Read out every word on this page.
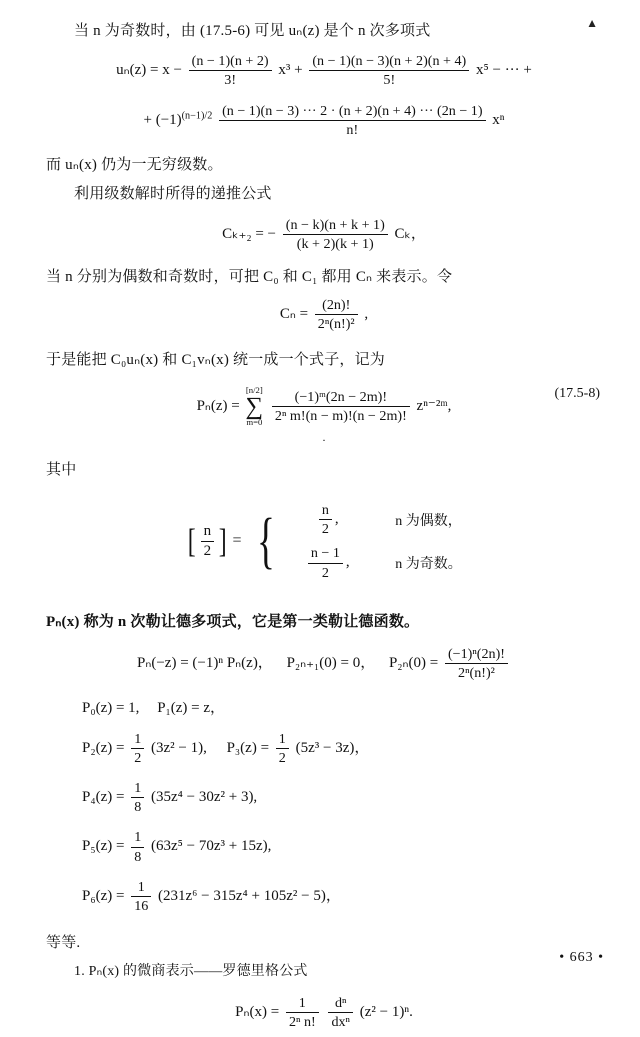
▲

当 n 为奇数时，由 (17.5-6) 可见 uₙ(z) 是个 n 次多项式

$u_n(z) = x - \frac{(n - 1)(n + 2)}{3!} x^3 + \frac{(n - 1)(n - 3)(n + 2)(n + 4)}{5!} x^5$ − ··· +
+ $(-1)^{(n-1)/2} \frac{(n - 1)(n - 3) \cdot\cdot\cdot 2 \cdot (n + 2)(n + 4) \cdot\cdot\cdot (2n - 1)}{n!}$ xⁿ

而 uₙ(x) 仍为一无穷级数。

利用级数解时所得的递推公式

Cₖ₊₂ = − $\frac{(n - k)(n + k + 1)}{(k + 2)(k + 1)}$ Cₖ，

当 n 分别为偶数和奇数时，可把 C₀ 和 C₁ 都用 Cₙ 来表示。令

$C_n = \frac{(2n)!}{\text{2ⁿ(n!)²}}$ ,

于是能把 C₀uₙ(x) 和 C₁vₙ(x) 统一成一个式子，记为

Pₙ(z) =
[n/2]
∑
m=0
$\frac{\text{(−1)ᵐ(2n − 2m)!}}{\text{2ⁿ m!(n − m)!(n − 2m)!}}$ zⁿ⁻²ᵐ,
(17.5-8)
.

其中

[ $\frac{n}{2}$ ] = {	$\frac{n}{2}$ ,	n 为偶数，
$\frac{n - 1}{2}$ ,	n 为奇数。

Pₙ(x) 称为 n 次勒让德多项式，它是第一类勒让德函数。

Pₙ(−z) = (−1)ⁿ Pₙ(z)， P₂ₙ₊₁(0) = 0， $P_{2n}(0) = \frac{\text{(−1)ⁿ(2n)!}}{\text{2ⁿ(n!)²}}$
P₀(z) = 1, P₁(z) = z，
$P_2(z) = \frac{1}{2} (3z^2 - 1)$, $P_3(z) = \frac{1}{2} (5z^3 - 3z)$，
$P_4(z) = \frac{1}{8} (35z^4 - 30z^2 + 3)$,
$P_5(z) = \frac{1}{8} (63z^5 - 70z^3 + 15z)$,
$P_6(z) = \frac{1}{16} (231z^6 - 315z^4 + 105z^2 - 5)$，

等等.

1. Pₙ(x) 的微商表示——罗德里格公式

$P_n(x) = \frac{1}{\text{2ⁿ n!}}$
$\frac{\text{dⁿ}}{\text{dxⁿ}} (z^2 - 1)^n$.
• 663 •
